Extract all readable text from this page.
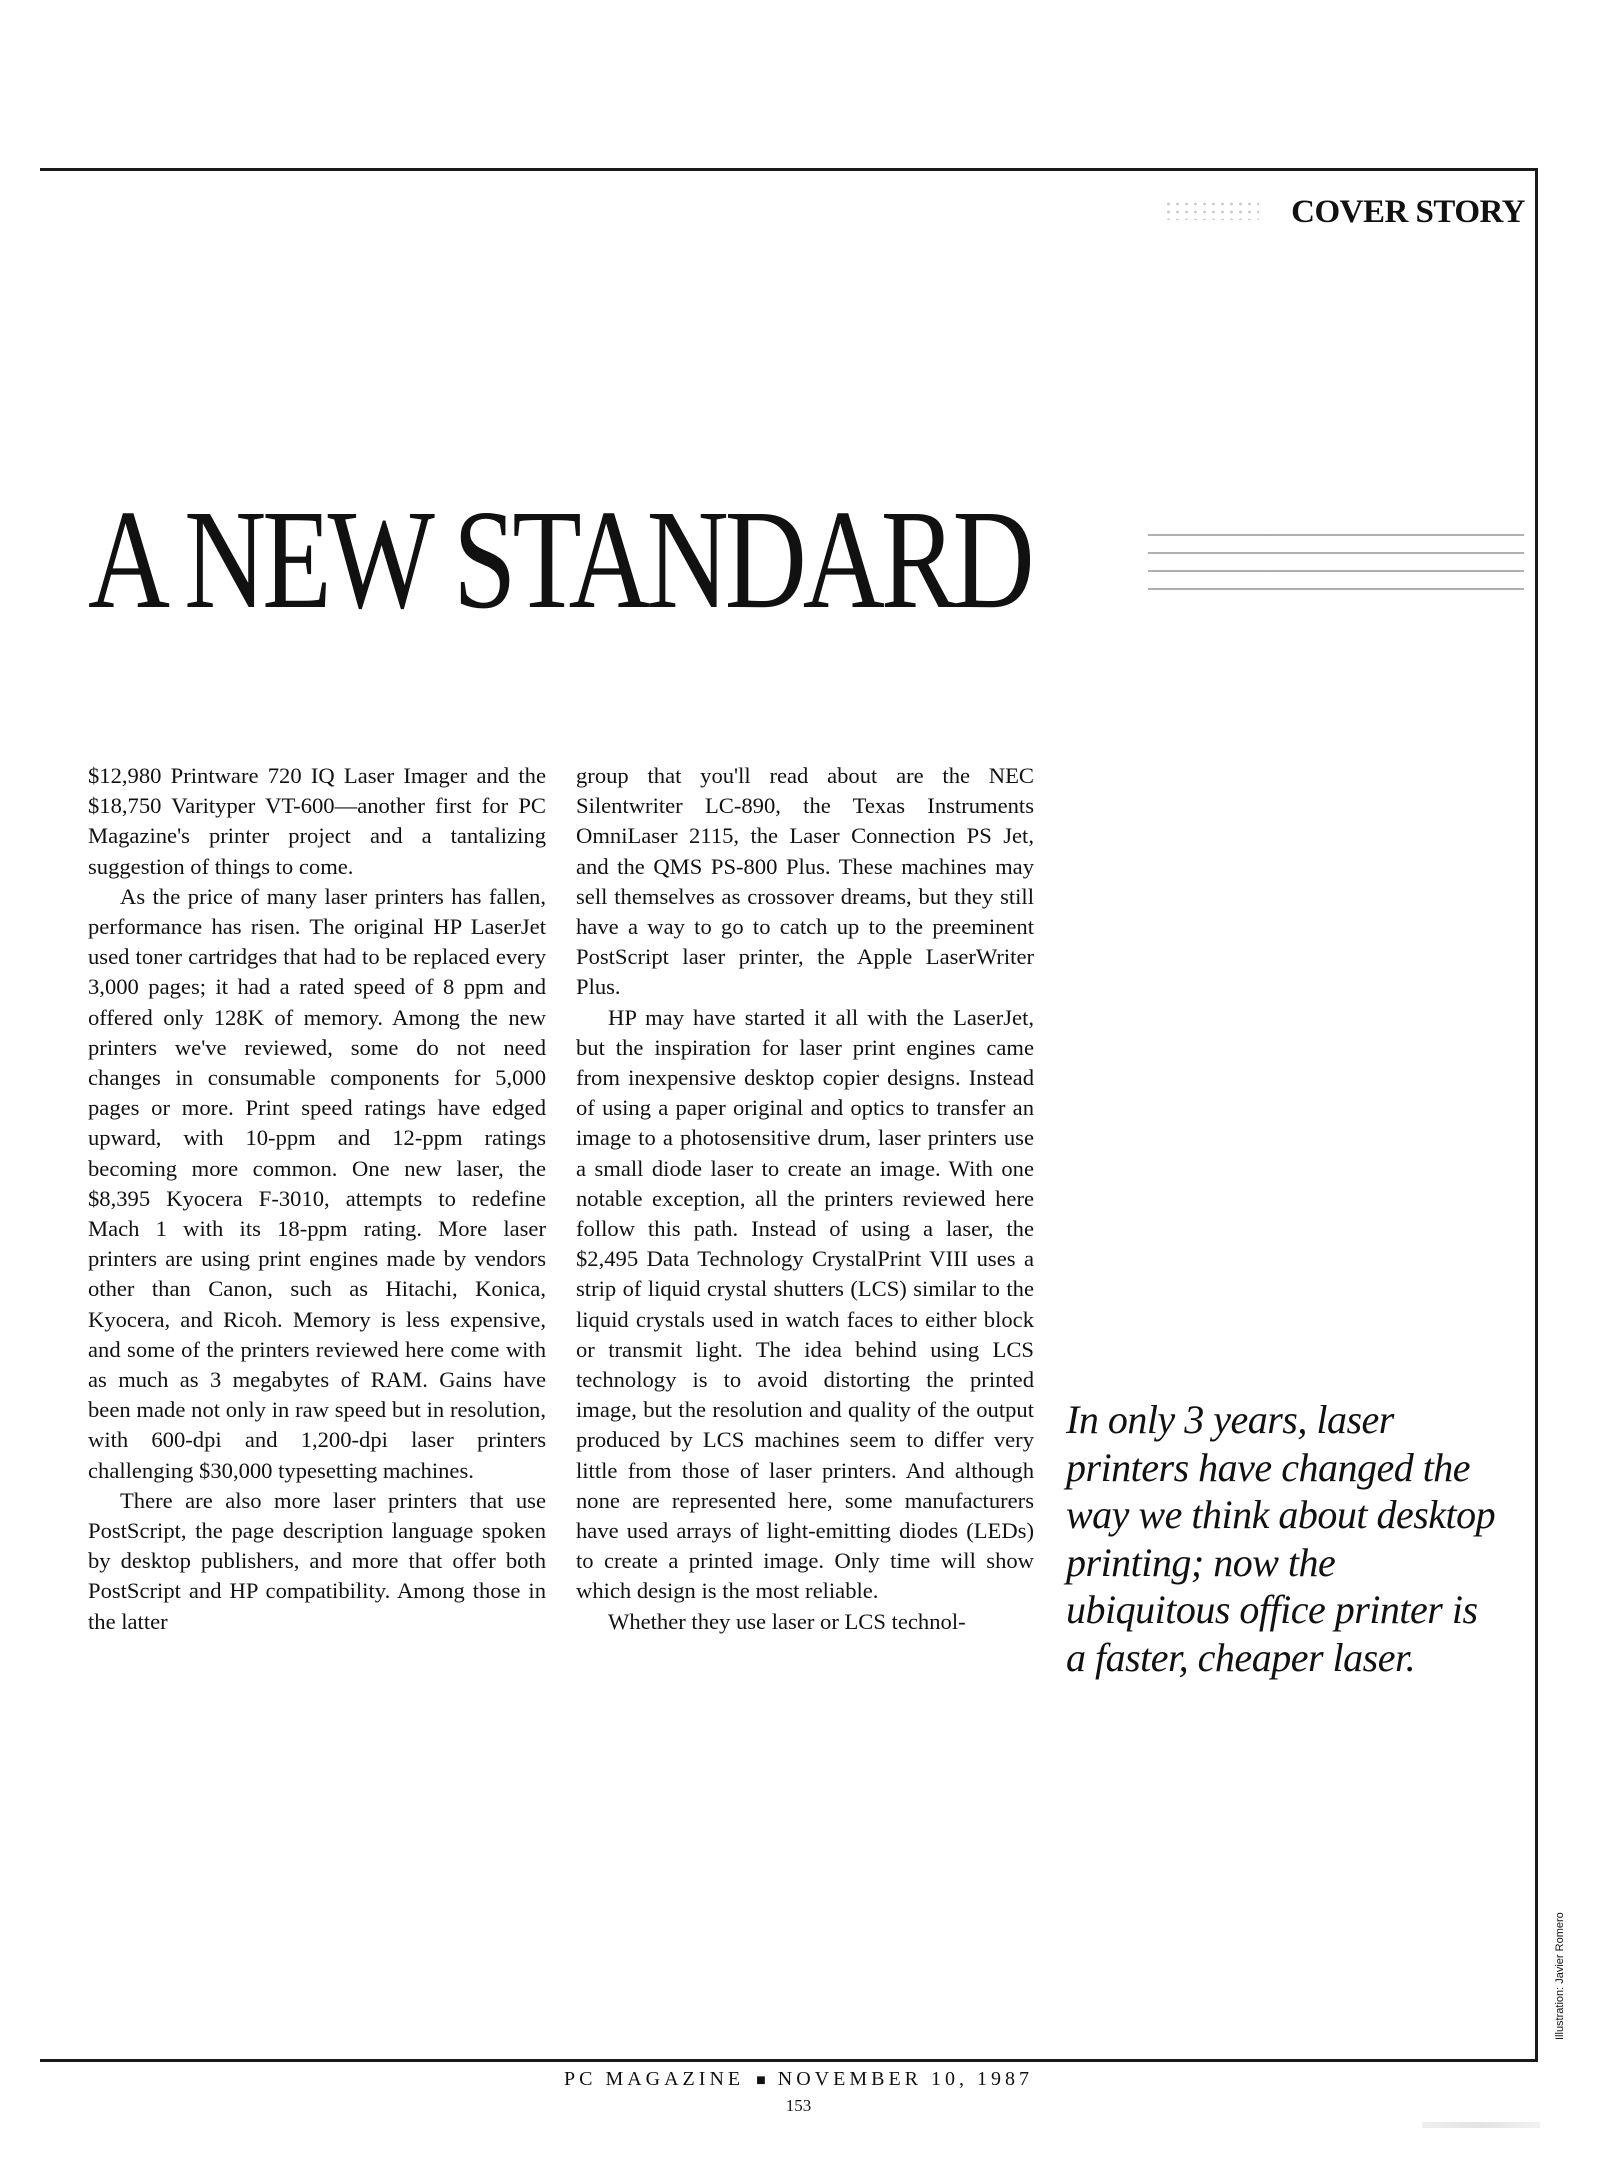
COVER STORY
A NEW STANDARD

$12,980 Printware 720 IQ Laser Imager and the $18,750 Varityper VT-600—another first for PC Magazine's printer project and a tantalizing suggestion of things to come.

As the price of many laser printers has fallen, performance has risen. The original HP LaserJet used toner cartridges that had to be replaced every 3,000 pages; it had a rated speed of 8 ppm and offered only 128K of memory. Among the new printers we've reviewed, some do not need changes in consumable components for 5,000 pages or more. Print speed ratings have edged upward, with 10-ppm and 12-ppm ratings becoming more common. One new laser, the $8,395 Kyocera F-3010, attempts to redefine Mach 1 with its 18-ppm rating. More laser printers are using print engines made by vendors other than Canon, such as Hitachi, Konica, Kyocera, and Ricoh. Memory is less expensive, and some of the printers reviewed here come with as much as 3 megabytes of RAM. Gains have been made not only in raw speed but in resolution, with 600-dpi and 1,200-dpi laser printers challenging $30,000 typesetting machines.

There are also more laser printers that use PostScript, the page description language spoken by desktop publishers, and more that offer both PostScript and HP compatibility. Among those in the latter

group that you'll read about are the NEC Silentwriter LC-890, the Texas Instruments OmniLaser 2115, the Laser Connection PS Jet, and the QMS PS-800 Plus. These machines may sell themselves as crossover dreams, but they still have a way to go to catch up to the preeminent PostScript laser printer, the Apple LaserWriter Plus.

HP may have started it all with the LaserJet, but the inspiration for laser print engines came from inexpensive desktop copier designs. Instead of using a paper original and optics to transfer an image to a photosensitive drum, laser printers use a small diode laser to create an image. With one notable exception, all the printers reviewed here follow this path. Instead of using a laser, the $2,495 Data Technology CrystalPrint VIII uses a strip of liquid crystal shutters (LCS) similar to the liquid crystals used in watch faces to either block or transmit light. The idea behind using LCS technology is to avoid distorting the printed image, but the resolution and quality of the output produced by LCS machines seem to differ very little from those of laser printers. And although none are represented here, some manufacturers have used arrays of light-emitting diodes (LEDs) to create a printed image. Only time will show which design is the most reliable.

Whether they use laser or LCS technol-

In only 3 years, laser printers have changed the way we think about desktop printing; now the ubiquitous office printer is a faster, cheaper laser.
Illustration: Javier Romero
PC MAGAZINE ■ NOVEMBER 10, 1987
153
